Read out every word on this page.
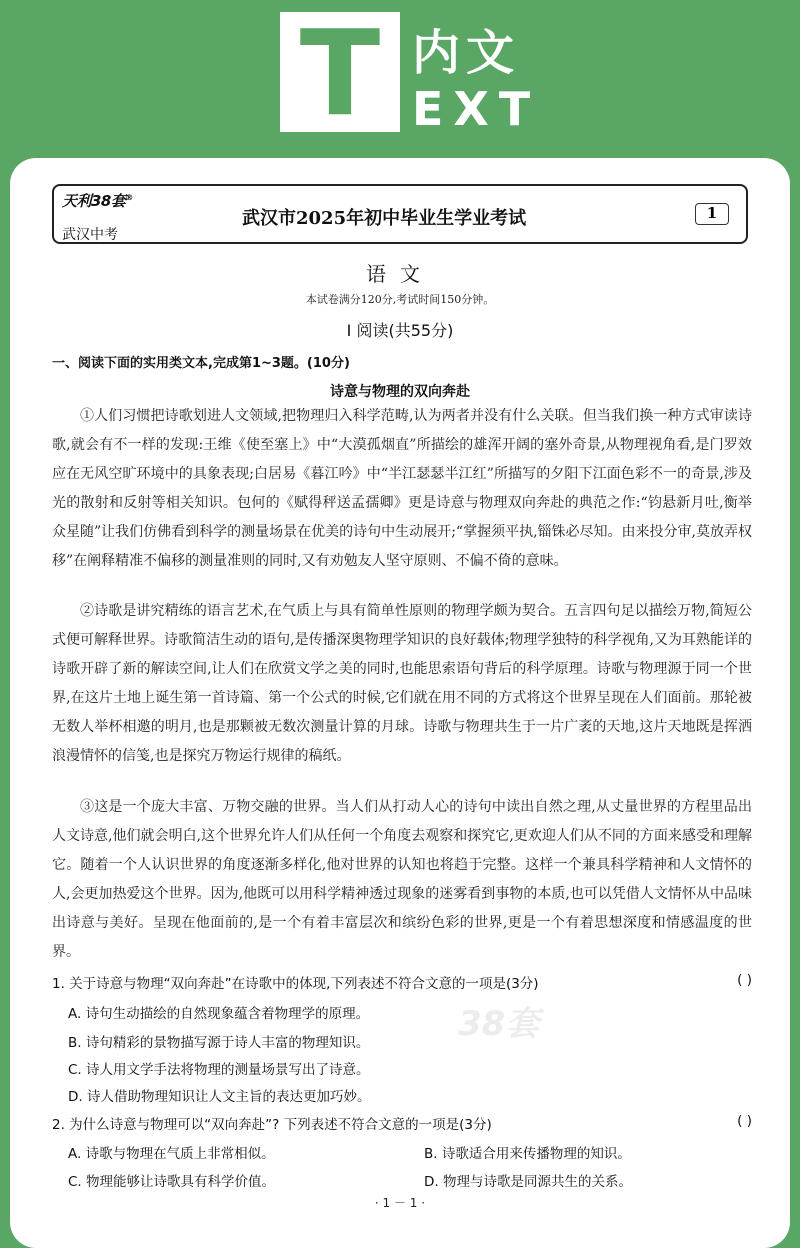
T 内文
EXT
天利38套®
武汉中考
武汉市2025年初中毕业生学业考试	1
语文
本试卷满分120分,考试时间150分钟。
Ⅰ 阅读(共55分)
一、阅读下面的实用类文本,完成第1~3题。(10分)
诗意与物理的双向奔赴

①人们习惯把诗歌划进人文领域,把物理归入科学范畴,认为两者并没有什么关联。但当我们换一种方式审读诗歌,就会有不一样的发现:王维《使至塞上》中“大漠孤烟直”所描绘的雄浑开阔的塞外奇景,从物理视角看,是门罗效应在无风空旷环境中的具象表现;白居易《暮江吟》中“半江瑟瑟半江红”所描写的夕阳下江面色彩不一的奇景,涉及光的散射和反射等相关知识。包何的《赋得秤送孟孺卿》更是诗意与物理双向奔赴的典范之作:“钧悬新月吐,衡举众星随”让我们仿佛看到科学的测量场景在优美的诗句中生动展开;“掌握须平执,锱铢必尽知。由来投分审,莫放弄权移”在阐释精准不偏移的测量准则的同时,又有劝勉友人坚守原则、不偏不倚的意味。

②诗歌是讲究精练的语言艺术,在气质上与具有简单性原则的物理学颇为契合。五言四句足以描绘万物,简短公式便可解释世界。诗歌简洁生动的语句,是传播深奥物理学知识的良好载体;物理学独特的科学视角,又为耳熟能详的诗歌开辟了新的解读空间,让人们在欣赏文学之美的同时,也能思索语句背后的科学原理。诗歌与物理源于同一个世界,在这片土地上诞生第一首诗篇、第一个公式的时候,它们就在用不同的方式将这个世界呈现在人们面前。那轮被无数人举杯相邀的明月,也是那颗被无数次测量计算的月球。诗歌与物理共生于一片广袤的天地,这片天地既是挥洒浪漫情怀的信笺,也是探究万物运行规律的稿纸。

③这是一个庞大丰富、万物交融的世界。当人们从打动人心的诗句中读出自然之理,从丈量世界的方程里品出人文诗意,他们就会明白,这个世界允许人们从任何一个角度去观察和探究它,更欢迎人们从不同的方面来感受和理解它。随着一个人认识世界的角度逐渐多样化,他对世界的认知也将趋于完整。这样一个兼具科学精神和人文情怀的人,会更加热爱这个世界。因为,他既可以用科学精神透过现象的迷雾看到事物的本质,也可以凭借人文情怀从中品味出诗意与美好。呈现在他面前的,是一个有着丰富层次和缤纷色彩的世界,更是一个有着思想深度和情感温度的世界。

1. 关于诗意与物理“双向奔赴”在诗歌中的体现,下列表述不符合文意的一项是(3分)	( )
A. 诗句生动描绘的自然现象蕴含着物理学的原理。
B. 诗句精彩的景物描写源于诗人丰富的物理知识。
C. 诗人用文学手法将物理的测量场景写出了诗意。
D. 诗人借助物理知识让人文主旨的表达更加巧妙。
2. 为什么诗意与物理可以“双向奔赴”? 下列表述不符合文意的一项是(3分)	( )
A. 诗歌与物理在气质上非常相似。	B. 诗歌适合用来传播物理的知识。
C. 物理能够让诗歌具有科学价值。	D. 物理与诗歌是同源共生的关系。
38套
· 1 － 1 ·
